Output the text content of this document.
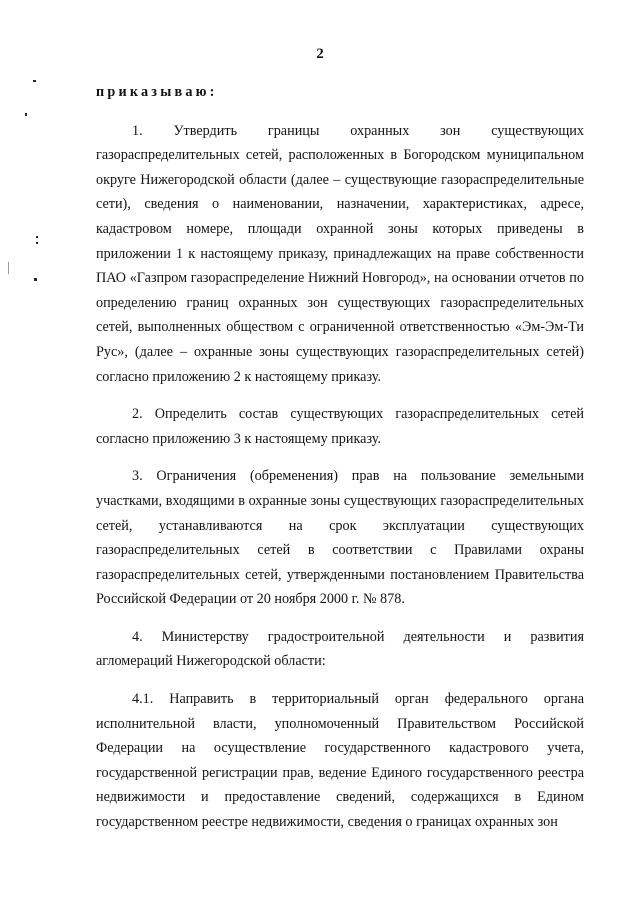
2
приказываю:

1. Утвердить границы охранных зон существующих газораспределительных сетей, расположенных в Богородском муниципальном округе Нижегородской области (далее – существующие газораспределительные сети), сведения о наименовании, назначении, характеристиках, адресе, кадастровом номере, площади охранной зоны которых приведены в приложении 1 к настоящему приказу, принадлежащих на праве собственности ПАО «Газпром газораспределение Нижний Новгород», на основании отчетов по определению границ охранных зон существующих газораспределительных сетей, выполненных обществом с ограниченной ответственностью «Эм-Эм-Ти Рус», (далее – охранные зоны существующих газораспределительных сетей) согласно приложению 2 к настоящему приказу.

2. Определить состав существующих газораспределительных сетей согласно приложению 3 к настоящему приказу.

3. Ограничения (обременения) прав на пользование земельными участками, входящими в охранные зоны существующих газораспределительных сетей, устанавливаются на срок эксплуатации существующих газораспределительных сетей в соответствии с Правилами охраны газораспределительных сетей, утвержденными постановлением Правительства Российской Федерации от 20 ноября 2000 г. № 878.

4. Министерству градостроительной деятельности и развития агломераций Нижегородской области:

4.1. Направить в территориальный орган федерального органа исполнительной власти, уполномоченный Правительством Российской Федерации на осуществление государственного кадастрового учета, государственной регистрации прав, ведение Единого государственного реестра недвижимости и предоставление сведений, содержащихся в Едином государственном реестре недвижимости, сведения о границах охранных зон
